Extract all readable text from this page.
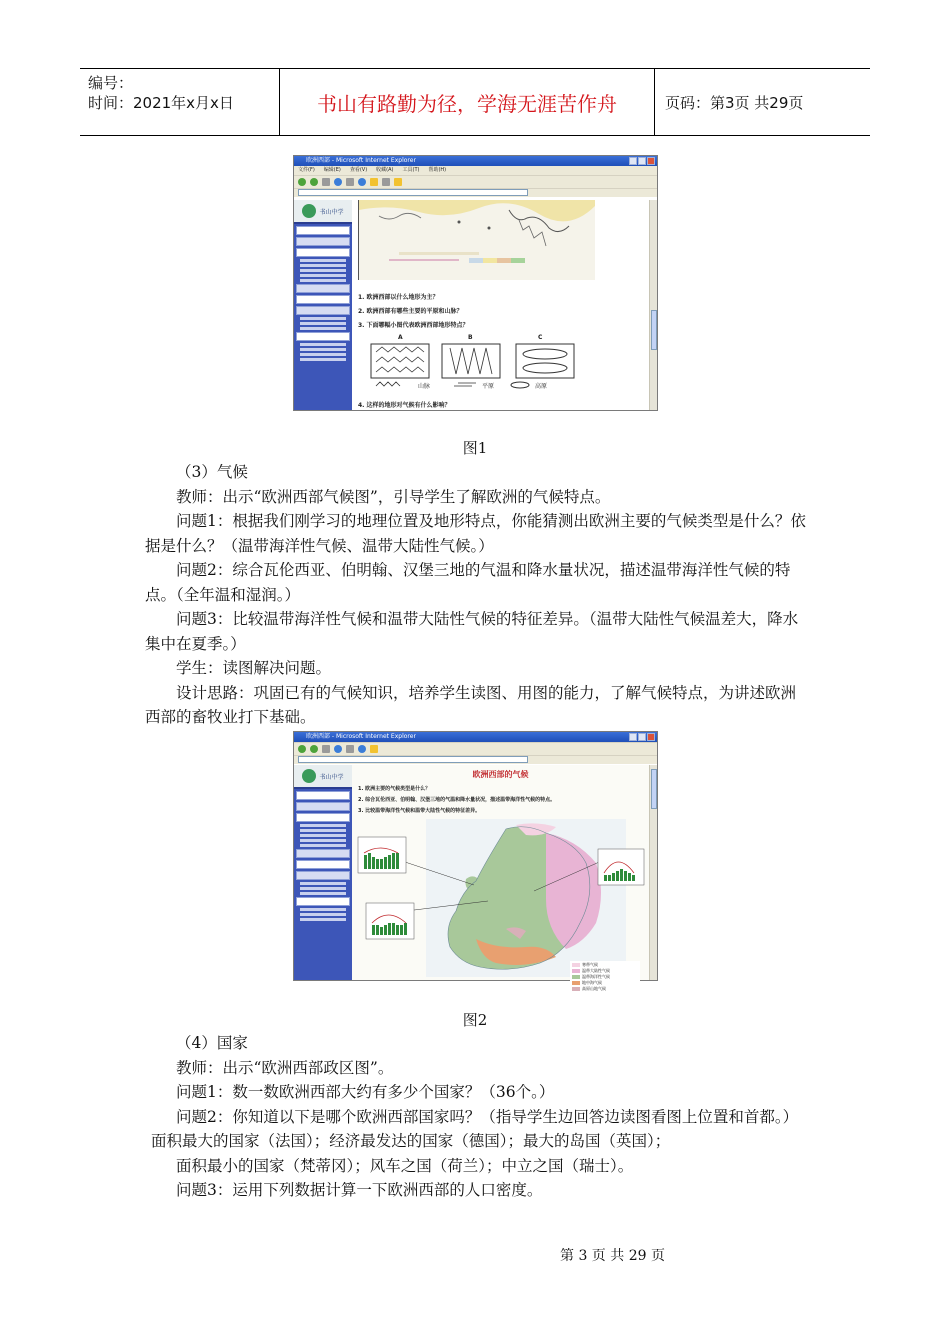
编号：
时间：2021年x月x日	书山有路勤为径，学海无涯苦作舟	页码：第3页 共29页
欧洲西部 - Microsoft Internet Explorer
文件(F) 编辑(E) 查看(V) 收藏(A) 工具(T) 帮助(H)
书山中学
1. 欧洲西部以什么地形为主？
2. 欧洲西部有哪些主要的平原和山脉？
3. 下面哪幅小图代表欧洲西部地形特点？
A	B	C
山脉	平原	高原
4. 这样的地形对气候有什么影响？
图1
（3）气候
教师：出示“欧洲西部气候图”，引导学生了解欧洲的气候特点。
问题1：根据我们刚学习的地理位置及地形特点，你能猜测出欧洲主要的气候类型是什么？依据是什么？（温带海洋性气候、温带大陆性气候。）
问题2：综合瓦伦西亚、伯明翰、汉堡三地的气温和降水量状况，描述温带海洋性气候的特点。（全年温和湿润。）
问题3：比较温带海洋性气候和温带大陆性气候的特征差异。（温带大陆性气候温差大，降水集中在夏季。）
学生：读图解决问题。
设计思路：巩固已有的气候知识，培养学生读图、用图的能力，了解气候特点，为讲述欧洲西部的畜牧业打下基础。
欧洲西部 - Microsoft Internet Explorer
书山中学	欧洲西部的气候
1. 欧洲主要的气候类型是什么？
2. 综合瓦伦西亚、伯明翰、汉堡三地的气温和降水量状况，描述温带海洋性气候的特点。
3. 比较温带海洋性气候和温带大陆性气候的特征差异。
寒带气候
温带大陆性气候
温带海洋性气候
地中海气候
高原山地气候
图2
（4）国家
教师：出示“欧洲西部政区图”。
问题1：数一数欧洲西部大约有多少个国家？（36个。）
问题2：你知道以下是哪个欧洲西部国家吗？（指导学生边回答边读图看图上位置和首都。）
面积最大的国家（法国）；经济最发达的国家（德国）；最大的岛国（英国）；
面积最小的国家（梵蒂冈）；风车之国（荷兰）；中立之国（瑞士）。
问题3：运用下列数据计算一下欧洲西部的人口密度。
第 3 页 共 29 页
